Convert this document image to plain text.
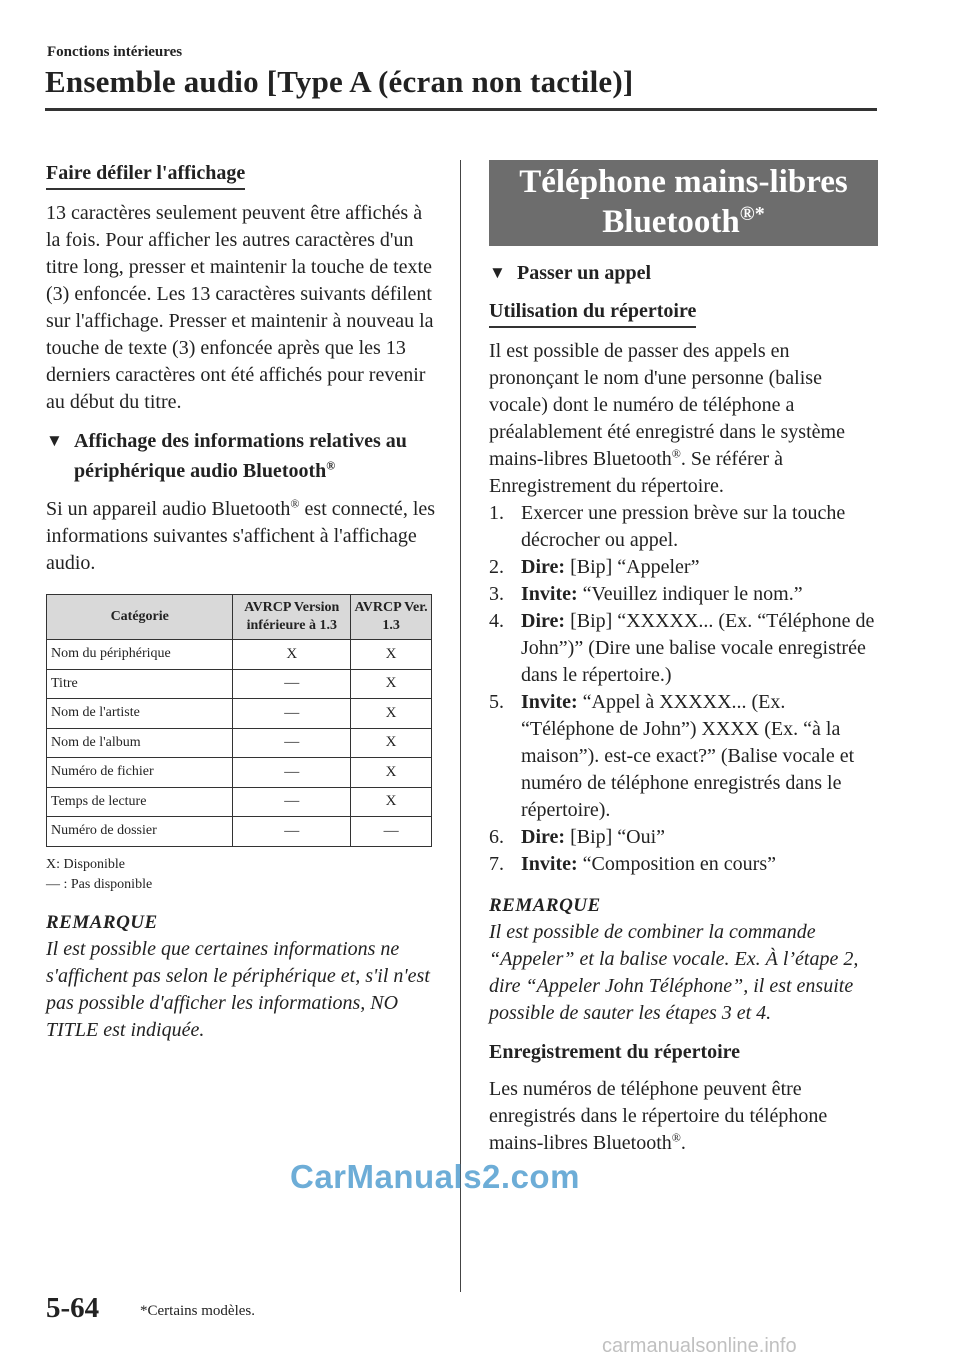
Fonctions intérieures
Ensemble audio [Type A (écran non tactile)]
Faire défiler l'affichage

13 caractères seulement peuvent être affichés à la fois. Pour afficher les autres caractères d'un titre long, presser et maintenir la touche de texte (3) enfoncée. Les 13 caractères suivants défilent sur l'affichage. Presser et maintenir à nouveau la touche de texte (3) enfoncée après que les 13 derniers caractères ont été affichés pour revenir au début du titre.

▼ Affichage des informations relatives au périphérique audio Bluetooth®

Si un appareil audio Bluetooth® est connecté, les informations suivantes s'affichent à l'affichage audio.

Catégorie	AVRCP Version inférieure à 1.3	AVRCP Ver. 1.3
Nom du périphérique	X	X
Titre	—	X
Nom de l'artiste	—	X
Nom de l'album	—	X
Numéro de fichier	—	X
Temps de lecture	—	X
Numéro de dossier	—	—
X: Disponible
— : Pas disponible
REMARQUE

Il est possible que certaines informations ne s'affichent pas selon le périphérique et, s'il n'est pas possible d'afficher les informations, NO TITLE est indiquée.

Téléphone mains-libres
Bluetooth®*
▼ Passer un appel
Utilisation du répertoire

Il est possible de passer des appels en prononçant le nom d'une personne (balise vocale) dont le numéro de téléphone a préalablement été enregistré dans le système mains-libres Bluetooth®. Se référer à Enregistrement du répertoire.

1. Exercer une pression brève sur la touche décrocher ou appel.
2. Dire: [Bip] “Appeler”
3. Invite: “Veuillez indiquer le nom.”
4. Dire: [Bip] “XXXXX... (Ex. “Téléphone de John”)” (Dire une balise vocale enregistrée dans le répertoire.)
5. Invite: “Appel à XXXXX... (Ex. “Téléphone de John”) XXXX (Ex. “à la maison”). est-ce exact?” (Balise vocale et numéro de téléphone enregistrés dans le répertoire).
6. Dire: [Bip] “Oui”
7. Invite: “Composition en cours”
REMARQUE

Il est possible de combiner la commande “Appeler” et la balise vocale. Ex. À l’étape 2, dire “Appeler John Téléphone”, il est ensuite possible de sauter les étapes 3 et 4.

Enregistrement du répertoire

Les numéros de téléphone peuvent être enregistrés dans le répertoire du téléphone mains-libres Bluetooth®.

5-64	*Certains modèles.
CarManuals2.com
carmanualsonline.info
